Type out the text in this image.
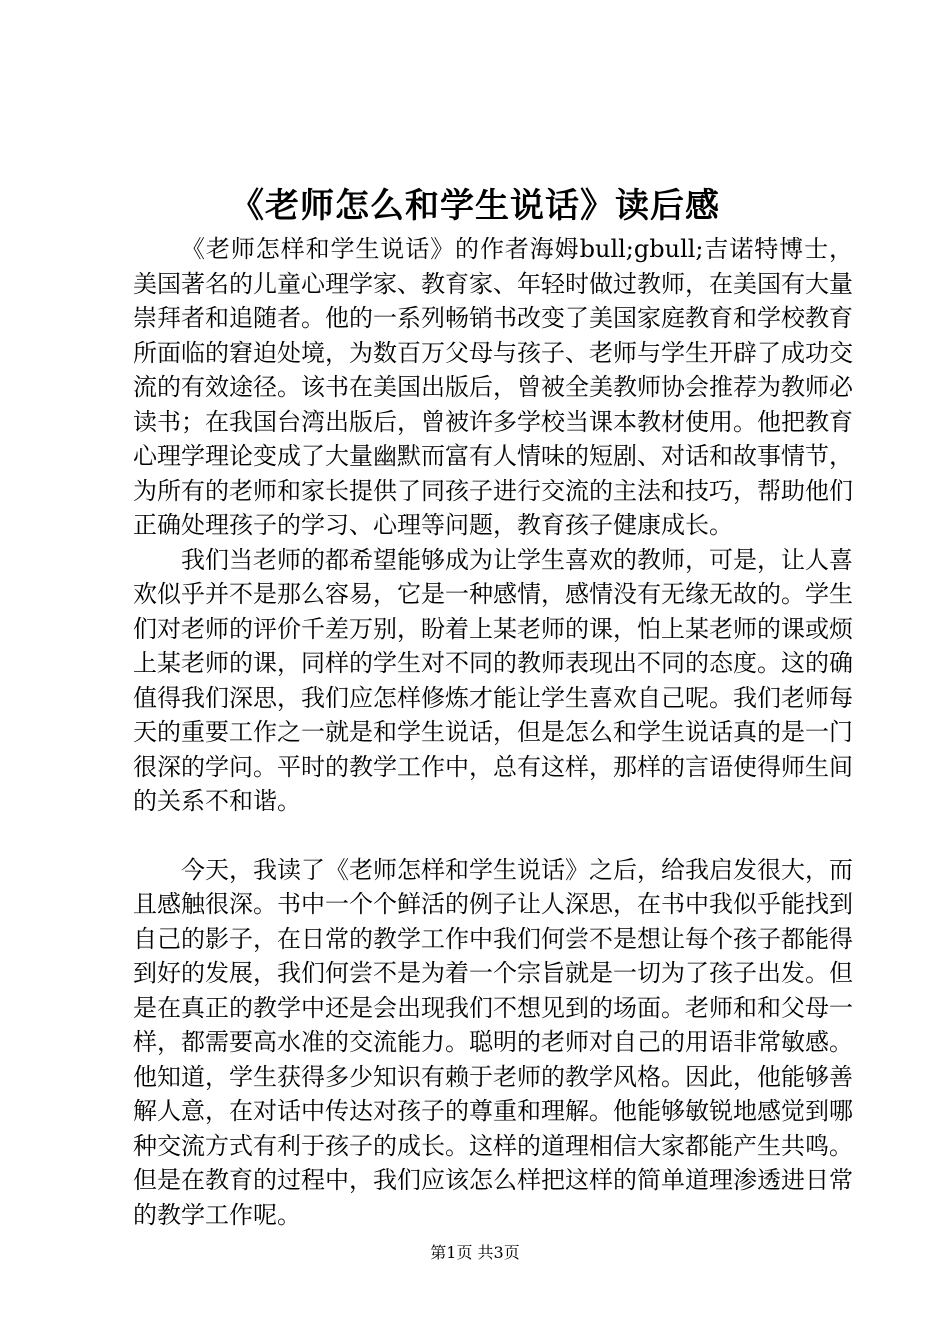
《老师怎么和学生说话》读后感

《老师怎样和学生说话》的作者海姆bull;gbull;吉诺特博士，美国著名的儿童心理学家、教育家、年轻时做过教师，在美国有大量崇拜者和追随者。他的一系列畅销书改变了美国家庭教育和学校教育所面临的窘迫处境，为数百万父母与孩子、老师与学生开辟了成功交流的有效途径。该书在美国出版后，曾被全美教师协会推荐为教师必读书；在我国台湾出版后，曾被许多学校当课本教材使用。他把教育心理学理论变成了大量幽默而富有人情味的短剧、对话和故事情节，为所有的老师和家长提供了同孩子进行交流的主法和技巧，帮助他们正确处理孩子的学习、心理等问题，教育孩子健康成长。

我们当老师的都希望能够成为让学生喜欢的教师，可是，让人喜欢似乎并不是那么容易，它是一种感情，感情没有无缘无故的。学生们对老师的评价千差万别，盼着上某老师的课，怕上某老师的课或烦上某老师的课，同样的学生对不同的教师表现出不同的态度。这的确值得我们深思，我们应怎样修炼才能让学生喜欢自己呢。我们老师每天的重要工作之一就是和学生说话，但是怎么和学生说话真的是一门很深的学问。平时的教学工作中，总有这样，那样的言语使得师生间的关系不和谐。

今天，我读了《老师怎样和学生说话》之后，给我启发很大，而且感触很深。书中一个个鲜活的例子让人深思，在书中我似乎能找到自己的影子，在日常的教学工作中我们何尝不是想让每个孩子都能得到好的发展，我们何尝不是为着一个宗旨就是一切为了孩子出发。但是在真正的教学中还是会出现我们不想见到的场面。老师和和父母一样，都需要高水准的交流能力。聪明的老师对自己的用语非常敏感。他知道，学生获得多少知识有赖于老师的教学风格。因此，他能够善解人意，在对话中传达对孩子的尊重和理解。他能够敏锐地感觉到哪种交流方式有利于孩子的成长。这样的道理相信大家都能产生共鸣。但是在教育的过程中，我们应该怎么样把这样的简单道理渗透进日常的教学工作呢。

第1页 共3页
